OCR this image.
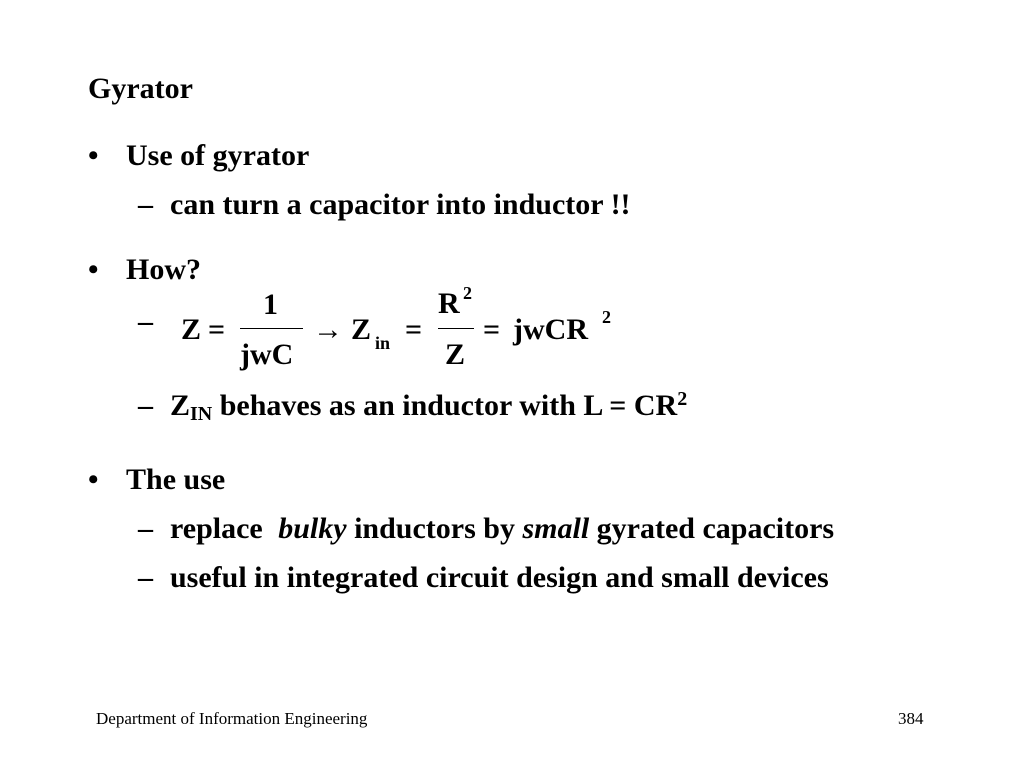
Gyrator
• Use of gyrator
– can turn a capacitor into inductor !!
• How?
– Z =
1
jwC
→ Z in =
R 2
Z
= jwCR 2
– $Z_{IN}$ behaves as an inductor with $L = CR^2$
• The use
– replace bulky inductors by small gyrated capacitors
– useful in integrated circuit design and small devices
Department of Information Engineering	384
